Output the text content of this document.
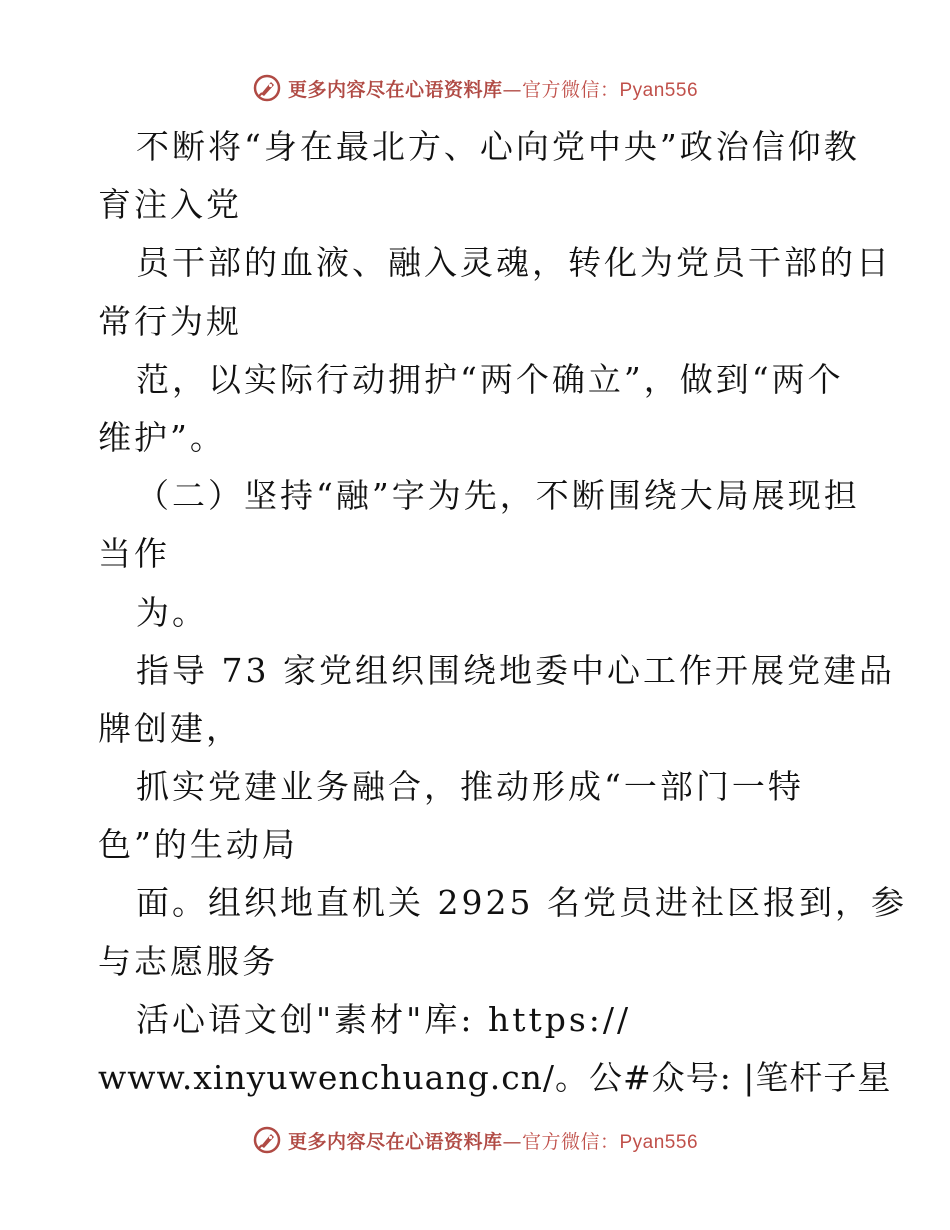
更多内容尽在心语资料库—官方微信：Pyan556
不断将“身在最北方、心向党中央”政治信仰教
育注入党
员干部的血液、融入灵魂，转化为党员干部的日
常行为规
范，以实际行动拥护“两个确立”，做到“两个
维护”。
（二）坚持“融”字为先，不断围绕大局展现担
当作
为。
指导 73 家党组织围绕地委中心工作开展党建品
牌创建，
抓实党建业务融合，推动形成“一部门一特
色”的生动局
面。组织地直机关 2925 名党员进社区报到，参
与志愿服务
活心语文创"素材"库: https://
www.xinyuwenchuang.cn/。公#众号: |笔杆子星
更多内容尽在心语资料库—官方微信：Pyan556
